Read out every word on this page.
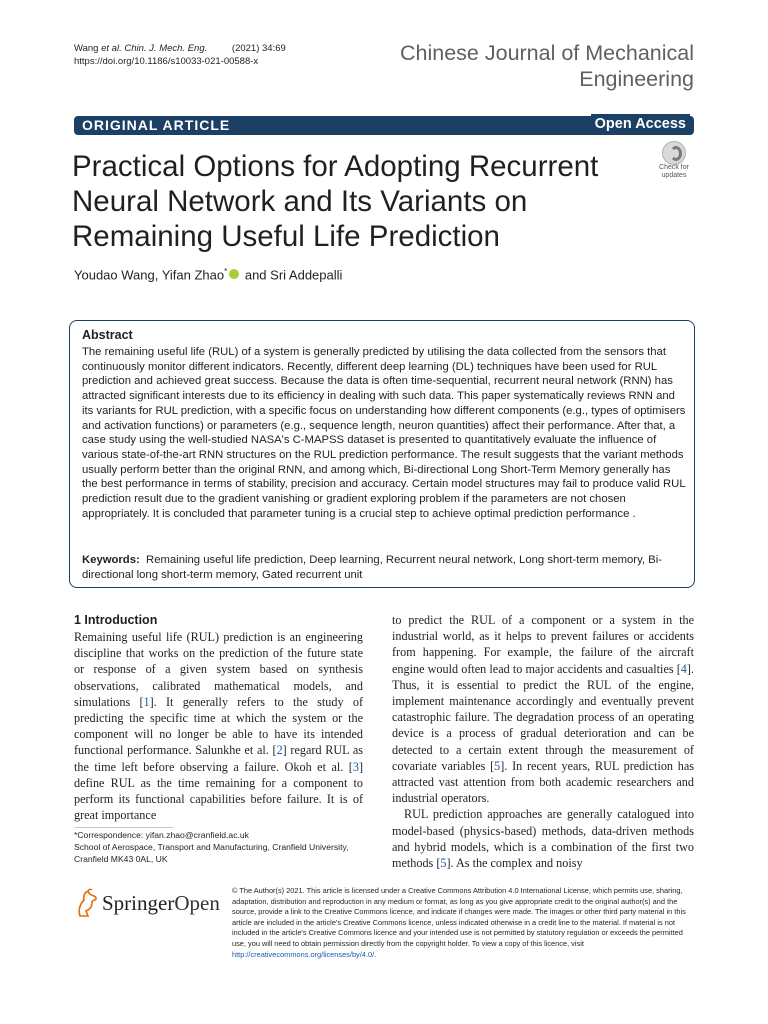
Wang et al. Chin. J. Mech. Eng.	(2021) 34:69
https://doi.org/10.1186/s10033-021-00588-x	Chinese Journal of Mechanical
Engineering
ORIGINAL ARTICLE	Open Access
Practical Options for Adopting Recurrent Neural Network and Its Variants on Remaining Useful Life Prediction
Check for
updates
Youdao Wang, Yifan Zhao* and Sri Addepalli
Abstract
The remaining useful life (RUL) of a system is generally predicted by utilising the data collected from the sensors that continuously monitor different indicators. Recently, different deep learning (DL) techniques have been used for RUL prediction and achieved great success. Because the data is often time-sequential, recurrent neural network (RNN) has attracted significant interests due to its efficiency in dealing with such data. This paper systematically reviews RNN and its variants for RUL prediction, with a specific focus on understanding how different components (e.g., types of optimisers and activation functions) or parameters (e.g., sequence length, neuron quantities) affect their performance. After that, a case study using the well-studied NASA's C-MAPSS dataset is presented to quantitatively evaluate the influence of various state-of-the-art RNN structures on the RUL prediction performance. The result suggests that the variant methods usually perform better than the original RNN, and among which, Bi-directional Long Short-Term Memory generally has the best performance in terms of stability, precision and accuracy. Certain model structures may fail to produce valid RUL prediction result due to the gradient vanishing or gradient exploring problem if the parameters are not chosen appropriately. It is concluded that parameter tuning is a crucial step to achieve optimal prediction performance .
Keywords: Remaining useful life prediction, Deep learning, Recurrent neural network, Long short-term memory, Bi-directional long short-term memory, Gated recurrent unit
1 Introduction

Remaining useful life (RUL) prediction is an engineering discipline that works on the prediction of the future state or response of a given system based on synthesis observations, calibrated mathematical models, and simulations [1]. It generally refers to the study of predicting the specific time at which the system or the component will no longer be able to have its intended functional performance. Salunkhe et al. [2] regard RUL as the time left before observing a failure. Okoh et al. [3] define RUL as the time remaining for a component to perform its functional capabilities before failure. It is of great importance

to predict the RUL of a component or a system in the industrial world, as it helps to prevent failures or accidents from happening. For example, the failure of the aircraft engine would often lead to major accidents and casualties [4]. Thus, it is essential to predict the RUL of the engine, implement maintenance accordingly and eventually prevent catastrophic failure. The degradation process of an operating device is a process of gradual deterioration and can be detected to a certain extent through the measurement of covariate variables [5]. In recent years, RUL prediction has attracted vast attention from both academic researchers and industrial operators.

RUL prediction approaches are generally catalogued into model-based (physics-based) methods, data-driven methods and hybrid models, which is a combination of the first two methods [5]. As the complex and noisy

*Correspondence: yifan.zhao@cranfield.ac.uk
School of Aerospace, Transport and Manufacturing, Cranfield University, Cranfield MK43 0AL, UK
SpringerOpen
© The Author(s) 2021. This article is licensed under a Creative Commons Attribution 4.0 International License, which permits use, sharing, adaptation, distribution and reproduction in any medium or format, as long as you give appropriate credit to the original author(s) and the source, provide a link to the Creative Commons licence, and indicate if changes were made. The images or other third party material in this article are included in the article's Creative Commons licence, unless indicated otherwise in a credit line to the material. If material is not included in the article's Creative Commons licence and your intended use is not permitted by statutory regulation or exceeds the permitted use, you will need to obtain permission directly from the copyright holder. To view a copy of this licence, visit http://creativecommons.org/licenses/by/4.0/.
